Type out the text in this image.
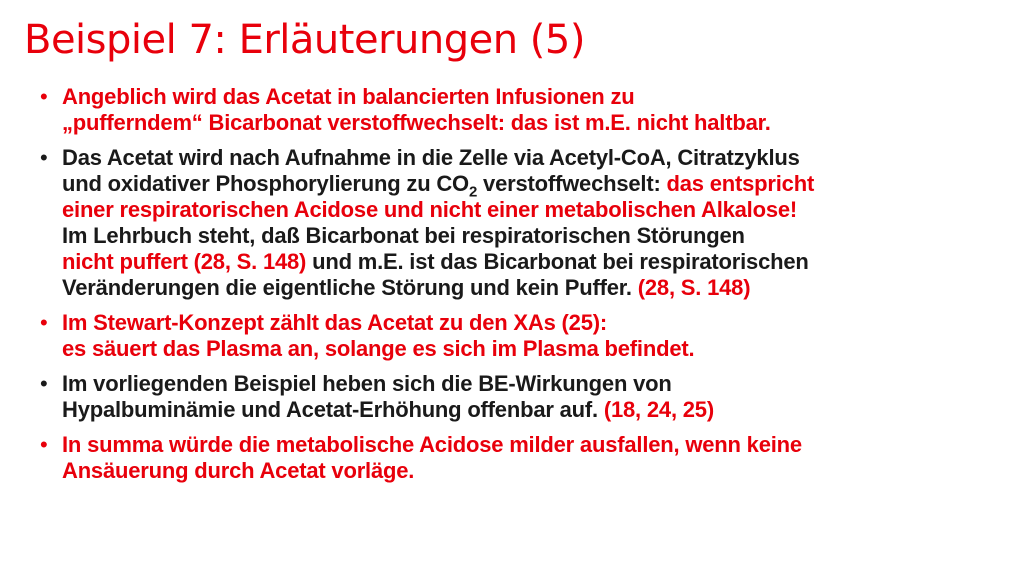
Beispiel 7: Erläuterungen (5)
• Angeblich wird das Acetat in balancierten Infusionen zu
„pufferndem“ Bicarbonat verstoffwechselt: das ist m.E. nicht haltbar.
• Das Acetat wird nach Aufnahme in die Zelle via Acetyl-CoA, Citratzyklus
und oxidativer Phosphorylierung zu $CO_2$ verstoffwechselt: das entspricht
einer respiratorischen Acidose und nicht einer metabolischen Alkalose!
Im Lehrbuch steht, daß Bicarbonat bei respiratorischen Störungen
nicht puffert (28, S. 148) und m.E. ist das Bicarbonat bei respiratorischen
Veränderungen die eigentliche Störung und kein Puffer. (28, S. 148)
• Im Stewart-Konzept zählt das Acetat zu den XAs (25):
es säuert das Plasma an, solange es sich im Plasma befindet.
• Im vorliegenden Beispiel heben sich die BE-Wirkungen von
Hypalbuminämie und Acetat-Erhöhung offenbar auf. (18, 24, 25)
• In summa würde die metabolische Acidose milder ausfallen, wenn keine
Ansäuerung durch Acetat vorläge.
